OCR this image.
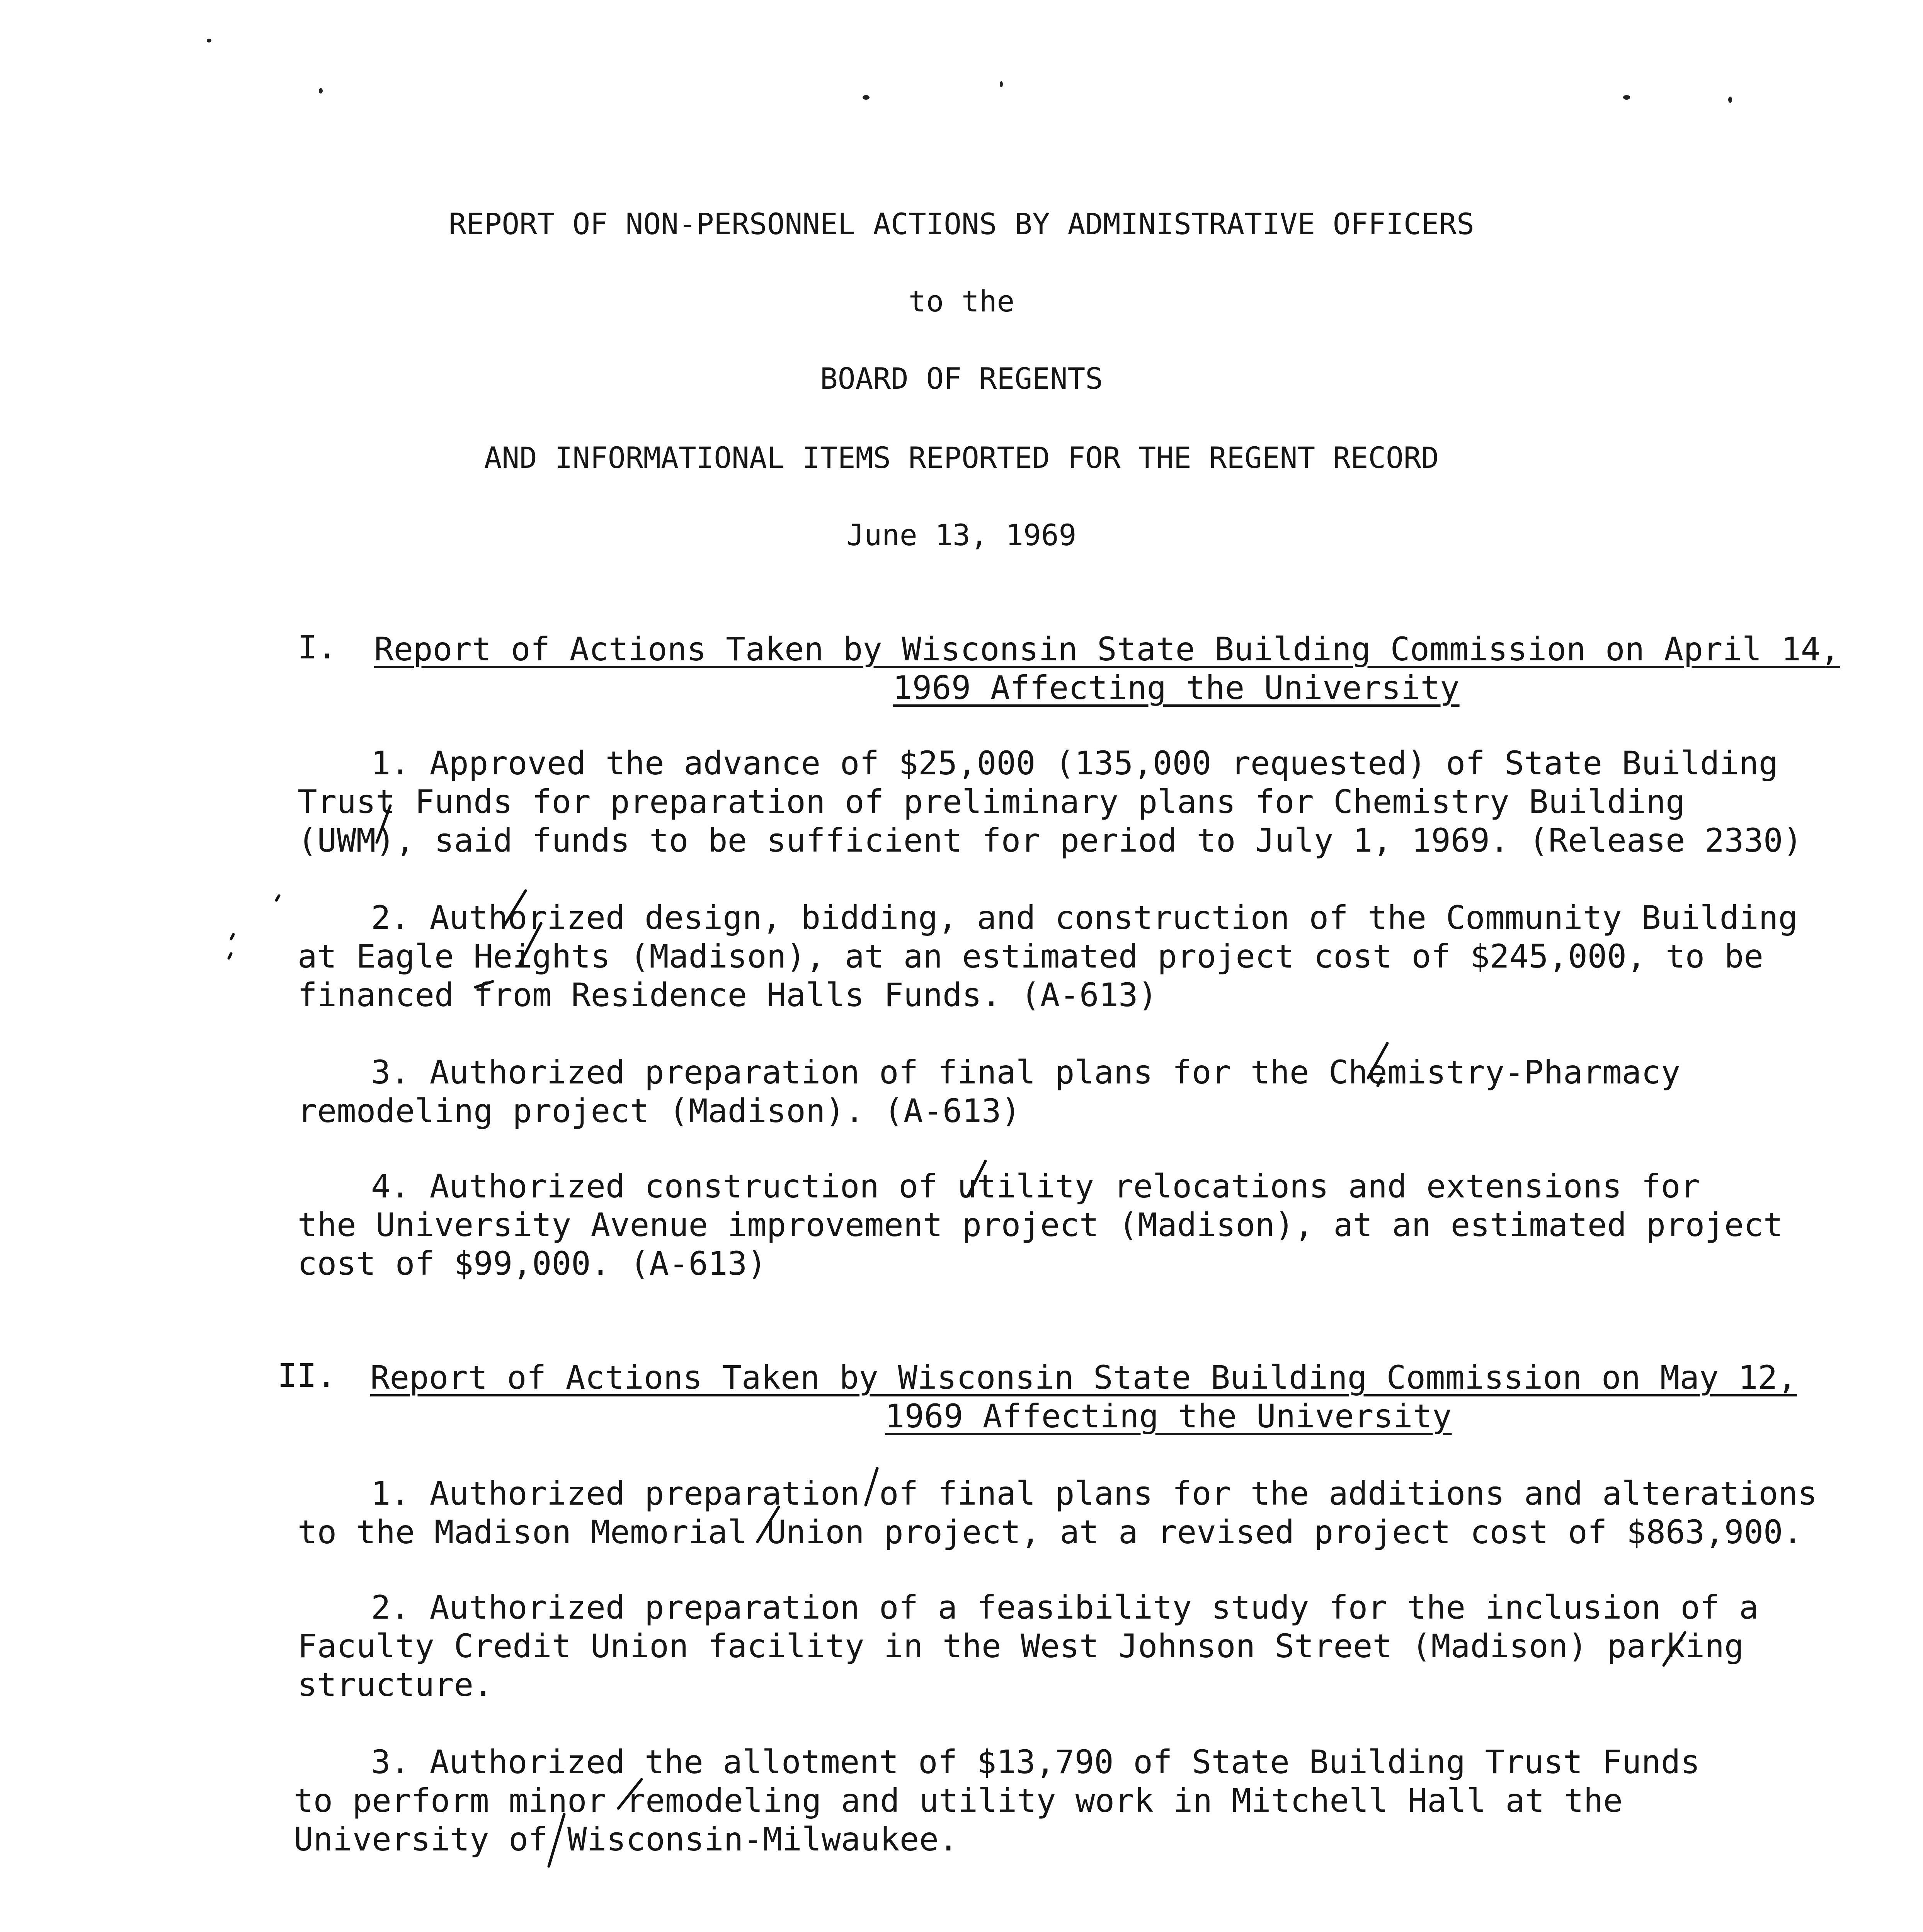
REPORT OF NON-PERSONNEL ACTIONS BY ADMINISTRATIVE OFFICERS
to the
BOARD OF REGENTS
AND INFORMATIONAL ITEMS REPORTED FOR THE REGENT RECORD
June 13, 1969
I. Report of Actions Taken by Wisconsin State Building Commission on April 14,
1969 Affecting the University
1. Approved the advance of $25,000 (135,000 requested) of State Building
Trust Funds for preparation of preliminary plans for Chemistry Building
(UWM), said funds to be sufficient for period to July 1, 1969. (Release 2330)
2. Authorized design, bidding, and construction of the Community Building
at Eagle Heights (Madison), at an estimated project cost of $245,000, to be
financed from Residence Halls Funds. (A-613)
3. Authorized preparation of final plans for the Chemistry-Pharmacy
remodeling project (Madison). (A-613)
4. Authorized construction of utility relocations and extensions for
the University Avenue improvement project (Madison), at an estimated project
cost of $99,000. (A-613)
II. Report of Actions Taken by Wisconsin State Building Commission on May 12,
1969 Affecting the University
1. Authorized preparation of final plans for the additions and alterations
to the Madison Memorial Union project, at a revised project cost of $863,900.
2. Authorized preparation of a feasibility study for the inclusion of a
Faculty Credit Union facility in the West Johnson Street (Madison) parking
structure.
3. Authorized the allotment of $13,790 of State Building Trust Funds
to perform minor remodeling and utility work in Mitchell Hall at the
University of Wisconsin-Milwaukee.
